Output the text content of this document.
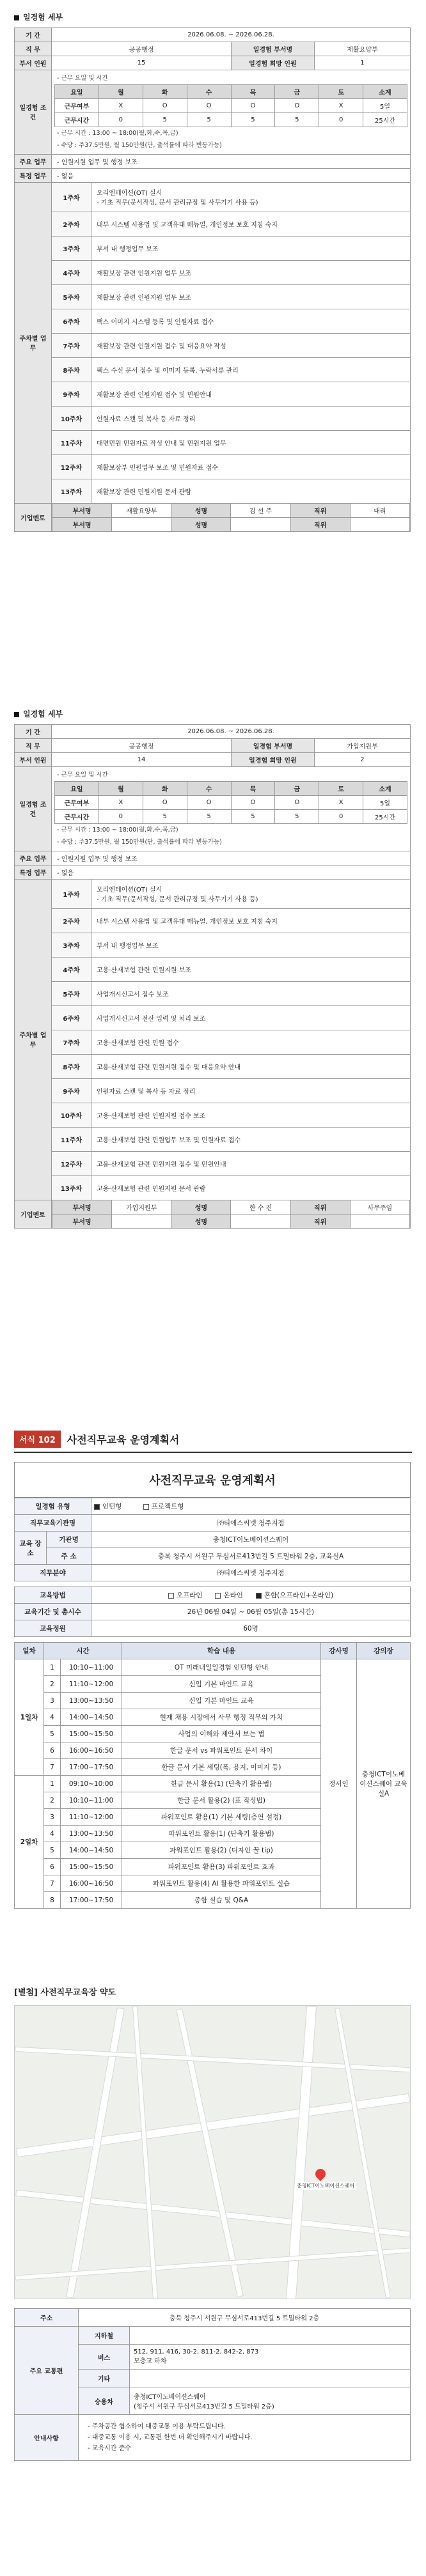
일경험 세부
기 간	2026.06.08. ~ 2026.06.28.
직 무	공공행정	일경험 부서명	재활요양부
부서 인원	15	일경험 희망 인원	1
일경험 조건	
- 근무 요일 및 시간
요일	월	화	수	목	금	토	소계
근무여부	X	O	O	O	O	X	5일
근무시간	0	5	5	5	5	0	25시간
- 근무 시간 : 13:00 ~ 18:00(월,화,수,목,금)
- 수당 : 주37.5만원, 월 150만원(단, 출석률에 따라 변동가능)

주요 업무	- 인원지원 업무 및 행정 보조
특정 업무	- 없음
주차별 업무	1주차	오리엔테이션(OT) 실시
- 기초 직무(문서작성, 문서 관리규정 및 사무기기 사용 등)
2주차	내부 시스템 사용법 및 고객유대 매뉴얼, 개인정보 보호 지침 숙지
3주차	부서 내 행정업무 보조
4주차	재활보장 관련 인원지원 업무 보조
5주차	재활보장 관련 인원지원 업무 보조
6주차	팩스 이미지 시스템 등록 및 인원자료 접수
7주차	재활보장 관련 인원지원 접수 및 대응요약 작성
8주차	팩스 수신 문서 접수 및 이미지 등록, 누락서류 관리
9주차	재활보장 관련 인원지원 접수 및 민원안내
10주차	인원자료 스캔 및 복사 등 자료 정리
11주차	대면민원 민원자료 작성 안내 및 민원지원 업무
12주차	재활보장부 민원업무 보조 및 민원자료 접수
13주차	재활보장 관련 민원지원 문서 관람
기업멘토	
부서명	재활요양부	성명	김 선 주	직위	대리

부서명		성명		직위	
일경험 세부
기 간	2026.06.08. ~ 2026.06.28.
직 무	공공행정	일경험 부서명	가입지원부
부서 인원	14	일경험 희망 인원	2
일경험 조건	
- 근무 요일 및 시간
요일	월	화	수	목	금	토	소계
근무여부	X	O	O	O	O	X	5일
근무시간	0	5	5	5	5	0	25시간
- 근무 시간 : 13:00 ~ 18:00(월,화,수,목,금)
- 수당 : 주37.5만원, 월 150만원(단, 출석률에 따라 변동가능)

주요 업무	- 인원지원 업무 및 행정 보조
특정 업무	- 없음
주차별 업무	1주차	오리엔테이션(OT) 실시
- 기초 직무(문서작성, 문서 관리규정 및 사무기기 사용 등)
2주차	내부 시스템 사용법 및 고객유대 매뉴얼, 개인정보 보호 지침 숙지
3주차	부서 내 행정업무 보조
4주차	고용·산재보험 관련 민원지원 보조
5주차	사업개시신고서 접수 보조
6주차	사업개시신고서 전산 입력 및 처리 보조
7주차	고용·산재보험 관련 민원 접수
8주차	고용·산재보험 관련 민원지원 접수 및 대응요약 안내
9주차	인원자료 스캔 및 복사 등 자료 정리
10주차	고용·산재보험 관련 인원지원 접수 보조
11주차	고용·산재보험 관련 민원업무 보조 및 민원자료 접수
12주차	고용·산재보험 관련 민원지원 접수 및 민원안내
13주차	고용·산재보험 관련 민원지원 문서 관람
기업멘토	
부서명	가입지원부	성명	한 수 진	직위	사무주임

부서명		성명		직위	
서식 102	사전직무교육 운영계획서
사전직무교육 운영계획서
일경험 유형		인턴형 프로젝트형
직무교육기관명		㈜티에스씨넷 청주지점
교육 장소	기관명	충청ICT이노베이션스퀘어
	주 소	충북 청주시 서원구 무심서로413번길 5 트밀타워 2층, 교육실A
직무분야		㈜티에스씨넷 청주지점
교육방법	오프라인 온라인 혼합(오프라인+온라인)
교육기간 및 총시수	26년 06월 04일 ~ 06월 05일(총 15시간)
교육정원	60명
일차	시간		학습 내용	강사명	강의장
1일차	1	10:10~11:00	OT 미래내일일경험 인턴형 안내	정서인	충청ICT이노베이션스퀘어 교육실A
	2	11:10~12:00	신입 기본 마인드 교육		
	3	13:00~13:50	신입 기본 마인드 교육		
	4	14:00~14:50	현재 채용 시장에서 사무 행정 직무의 가치		
	5	15:00~15:50	사업의 이해와 제안서 보는 법		
	6	16:00~16:50	한글 문서 vs 파워포인트 문서 차이		
	7	17:00~17:50	한글 문서 기본 세팅(폭, 용지, 이미지 등)		
2일차	1	09:10~10:00	한글 문서 활용(1) (단축키 활용법)		
	2	10:10~11:00	한글 문서 활용(2) (표 작성법)		
	3	11:10~12:00	파워포인트 활용(1) 기본 세팅(층연 설정)		
	4	13:00~13:50	파워포인트 활용(1) (단축키 활용법)		
	5	14:00~14:50	파워포인트 활용(2) (디자인 꿀 tip)		
	6	15:00~15:50	파워포인트 활용(3) 파워포인트 효과		
	7	16:00~16:50	파워포인트 활용(4) AI 활용한 파워포인트 실습		
	8	17:00~17:50	종합 실습 및 Q&A		
[별첨] 사전직무교육장 약도
충청ICT이노베이션스퀘어
주소	충북 청주시 서원구 무심서로413번길 5 트밀타워 2층	
주요 교통편	지하철	
	버스	512, 911, 416, 30-2, 811-2, 842-2, 873
모충교 하차
	기타	
	승용차	충청ICT이노베이션스퀘어
(청주시 서원구 무심서로413번길 5 트밀타워 2층)
안내사항	- 주차공간 협소하여 대중교통 이용 부탁드립니다.
- 대중교통 이용 시, 교통편 한번 더 확인해주시기 바랍니다.
- 교육시간 준수	
